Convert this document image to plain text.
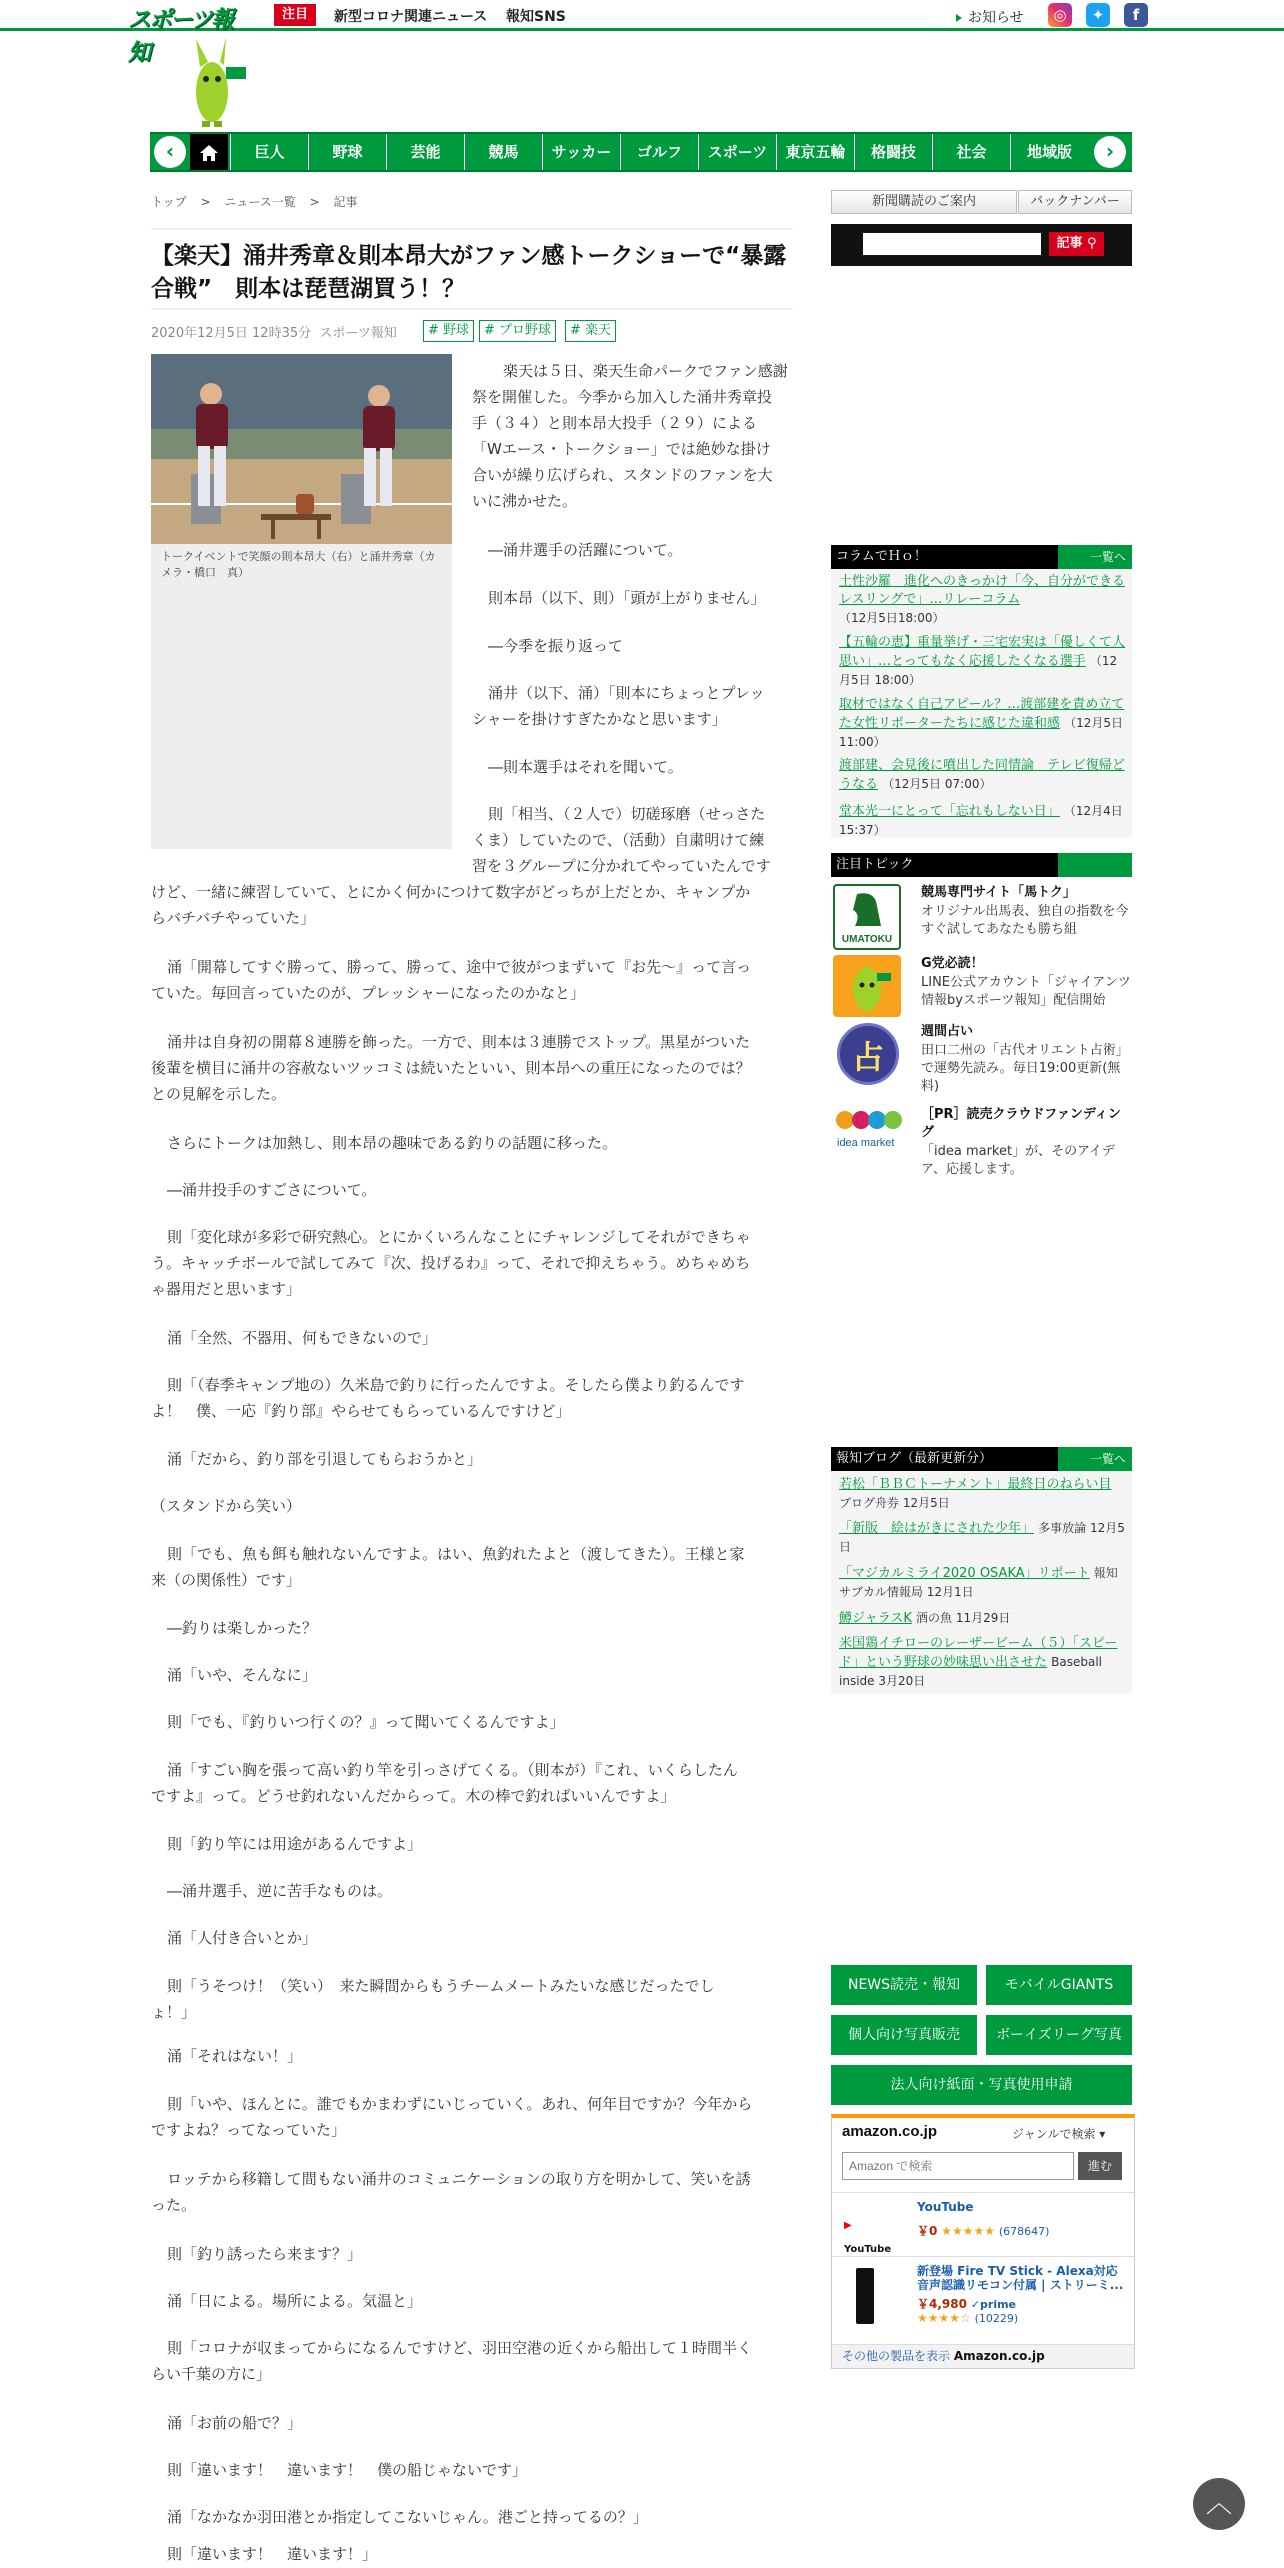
スポーツ報知
注目	新型コロナ関連ニュース 報知SNS	お知らせ	◎	✦	f
‹	巨人	野球	芸能	競馬	サッカー	ゴルフ	スポーツ	東京五輪	格闘技	社会	地域版	›
トップ > ニュース一覧 > 記事
【楽天】涌井秀章＆則本昂大がファン感トークショーで“暴露合戦”　則本は琵琶湖買う！？
2020年12月5日 12時35分 スポーツ報知	# 野球	# プロ野球	# 楽天
トークイベントで笑顔の則本昂大（右）と涌井秀章（カメラ・橋口　真）

楽天は５日、楽天生命パークでファン感謝

祭を開催した。今季から加入した涌井秀章投

手（３４）と則本昂大投手（２９）による

「Wエース・トークショー」では絶妙な掛け

合いが繰り広げられ、スタンドのファンを大

いに沸かせた。

―涌井選手の活躍について。

則本昂（以下、則）「頭が上がりません」

―今季を振り返って

涌井（以下、涌）「則本にちょっとプレッ

シャーを掛けすぎたかなと思います」

―則本選手はそれを聞いて。

則「相当、（２人で）切磋琢磨（せっさた

くま）していたので、（活動）自粛明けて練

習を３グループに分かれてやっていたんです

けど、一緒に練習していて、とにかく何かにつけて数字がどっちが上だとか、キャンプか

らバチバチやっていた」

涌「開幕してすぐ勝って、勝って、勝って、途中で彼がつまずいて『お先～』って言っ

ていた。毎回言っていたのが、プレッシャーになったのかなと」

涌井は自身初の開幕８連勝を飾った。一方で、則本は３連勝でストップ。黒星がついた

後輩を横目に涌井の容赦ないツッコミは続いたといい、則本昂への重圧になったのでは？

との見解を示した。

さらにトークは加熱し、則本昂の趣味である釣りの話題に移った。

―涌井投手のすごさについて。

則「変化球が多彩で研究熱心。とにかくいろんなことにチャレンジしてそれができちゃ

う。キャッチボールで試してみて『次、投げるわ』って、それで抑えちゃう。めちゃめち

ゃ器用だと思います」

涌「全然、不器用、何もできないので」

則「（春季キャンプ地の）久米島で釣りに行ったんですよ。そしたら僕より釣るんです

よ！　僕、一応『釣り部』やらせてもらっているんですけど」

涌「だから、釣り部を引退してもらおうかと」

（スタンドから笑い）

則「でも、魚も餌も触れないんですよ。はい、魚釣れたよと（渡してきた）。王様と家

来（の関係性）です」

―釣りは楽しかった？

涌「いや、そんなに」

則「でも、『釣りいつ行くの？』って聞いてくるんですよ」

涌「すごい胸を張って高い釣り竿を引っさげてくる。（則本が）『これ、いくらしたん

ですよ』って。どうせ釣れないんだからって。木の棒で釣ればいいんですよ」

則「釣り竿には用途があるんですよ」

―涌井選手、逆に苦手なものは。

涌「人付き合いとか」

則「うそつけ！（笑い）　来た瞬間からもうチームメートみたいな感じだったでし

ょ！」

涌「それはない！」

則「いや、ほんとに。誰でもかまわずにいじっていく。あれ、何年目ですか？今年から

ですよね？ってなっていた」

ロッテから移籍して間もない涌井のコミュニケーションの取り方を明かして、笑いを誘

った。

則「釣り誘ったら来ます？」

涌「日による。場所による。気温と」

則「コロナが収まってからになるんですけど、羽田空港の近くから船出して１時間半く

らい千葉の方に」

涌「お前の船で？」

則「違います！　違います！　僕の船じゃないです」

涌「なかなか羽田港とか指定してこないじゃん。港ごと持ってるの？」

則「違います！　違います！」

新聞購読のご案内	バックナンバー
記事 ⚲
コラムでＨｏ！	一覧へ
土性沙羅　進化へのきっかけ「今、自分ができるレスリングで」…リレーコラム （12月5日18:00）
【五輪の恵】重量挙げ・三宅宏実は「優しくて人思い」…とってもなく応援したくなる選手 （12月5日 18:00）
取材ではなく自己アピール？…渡部建を責め立てた女性リポーターたちに感じた違和感 （12月5日 11:00）
渡部建、会見後に噴出した同情論　テレビ復帰どうなる （12月5日 07:00）
堂本光一にとって「忘れもしない日」 （12月4日 15:37）
注目トピック
UMATOKU
競馬専門サイト「馬トク」
オリジナル出馬表、独自の指数を今すぐ試してあなたも勝ち組
G党必読！
LINE公式アカウント「ジャイアンツ情報byスポーツ報知」配信開始
占
週間占い
田口二州の「古代オリエント占術」で運勢先読み。毎日19:00更新(無料)
idea market
［PR］読売クラウドファンディング
「idea market」が、そのアイデア、応援します。
報知ブログ（最新更新分）	一覧へ
若松「ＢＢＣトーナメント」最終日のねらい目 ブログ舟券 12月5日
「新版　絵はがきにされた少年」 多事放論 12月5日
「マジカルミライ2020 OSAKA」リポート 報知サブカル情報局 12月1日
鱒ジャラスK 酒の魚 11月29日
米国鶏イチローのレーザービーム（５）「スピード」という野球の妙味思い出させた Baseball inside 3月20日
NEWS読売・報知	モバイルGIANTS
個人向け写真販売	ボーイズリーグ写真
法人向け紙面・写真使用申請
amazon.co.jp	ジャンルで検索 ▾
Amazon で検索
進む
▶ YouTube
YouTube
￥0 ★★★★★ (678647)
新登場 Fire TV Stick - Alexa対応音声認識リモコン付属 | ストリーミ...
￥4,980 ✓prime
★★★★☆ (10229)
その他の製品を表示 Amazon.co.jp
︿
